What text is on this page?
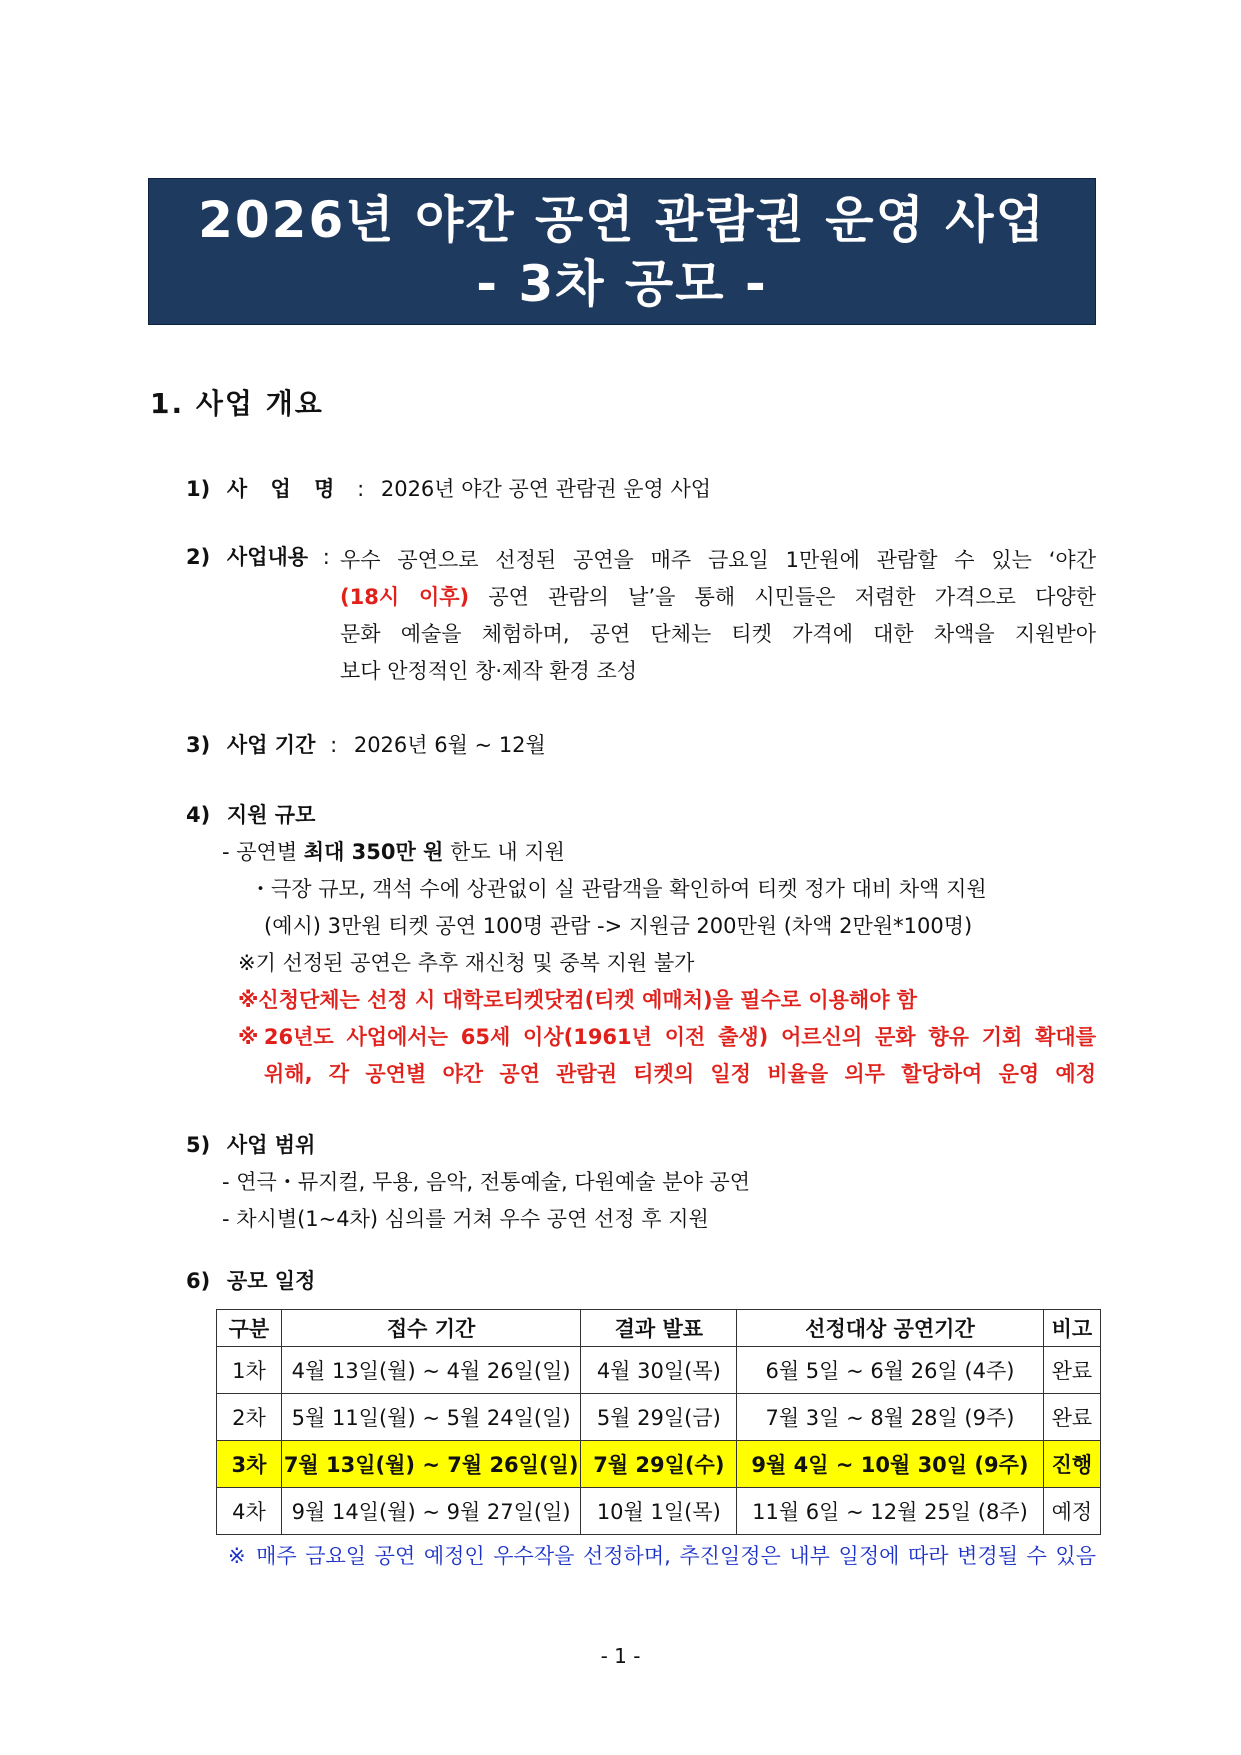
2026년 야간 공연 관람권 운영 사업
- 3차 공모 -
1. 사업 개요
1) 사 업 명 : 2026년 야간 공연 관람권 운영 사업
2) 사업내용 : 우수 공연으로 선정된 공연을 매주 금요일 1만원에 관람할 수 있는 ‘야간

(18시 이후) 공연 관람의 날’을 통해 시민들은 저렴한 가격으로 다양한

문화 예술을 체험하며, 공연 단체는 티켓 가격에 대한 차액을 지원받아

보다 안정적인 창·제작 환경 조성

3) 사업 기간 : 2026년 6월 ~ 12월
4) 지원 규모
- 공연별 최대 350만 원 한도 내 지원
・극장 규모, 객석 수에 상관없이 실 관람객을 확인하여 티켓 정가 대비 차액 지원
(예시) 3만원 티켓 공연 100명 관람 -> 지원금 200만원 (차액 2만원*100명)
※기 선정된 공연은 추후 재신청 및 중복 지원 불가
※신청단체는 선정 시 대학로티켓닷컴(티켓 예매처)을 필수로 이용해야 함
※26년도 사업에서는 65세 이상(1961년 이전 출생) 어르신의 문화 향유 기회 확대를
위해, 각 공연별 야간 공연 관람권 티켓의 일정 비율을 의무 할당하여 운영 예정
5) 사업 범위
- 연극・뮤지컬, 무용, 음악, 전통예술, 다원예술 분야 공연
- 차시별(1~4차) 심의를 거쳐 우수 공연 선정 후 지원
6) 공모 일정
구분	접수 기간	결과 발표	선정대상 공연기간	비고
1차	4월 13일(월) ~ 4월 26일(일)	4월 30일(목)	6월 5일 ~ 6월 26일 (4주)	완료
2차	5월 11일(월) ~ 5월 24일(일)	5월 29일(금)	7월 3일 ~ 8월 28일 (9주)	완료
3차	7월 13일(월) ~ 7월 26일(일)	7월 29일(수)	9월 4일 ~ 10월 30일 (9주)	진행
4차	9월 14일(월) ~ 9월 27일(일)	10월 1일(목)	11월 6일 ~ 12월 25일 (8주)	예정
※ 매주 금요일 공연 예정인 우수작을 선정하며, 추진일정은 내부 일정에 따라 변경될 수 있음
- 1 -
